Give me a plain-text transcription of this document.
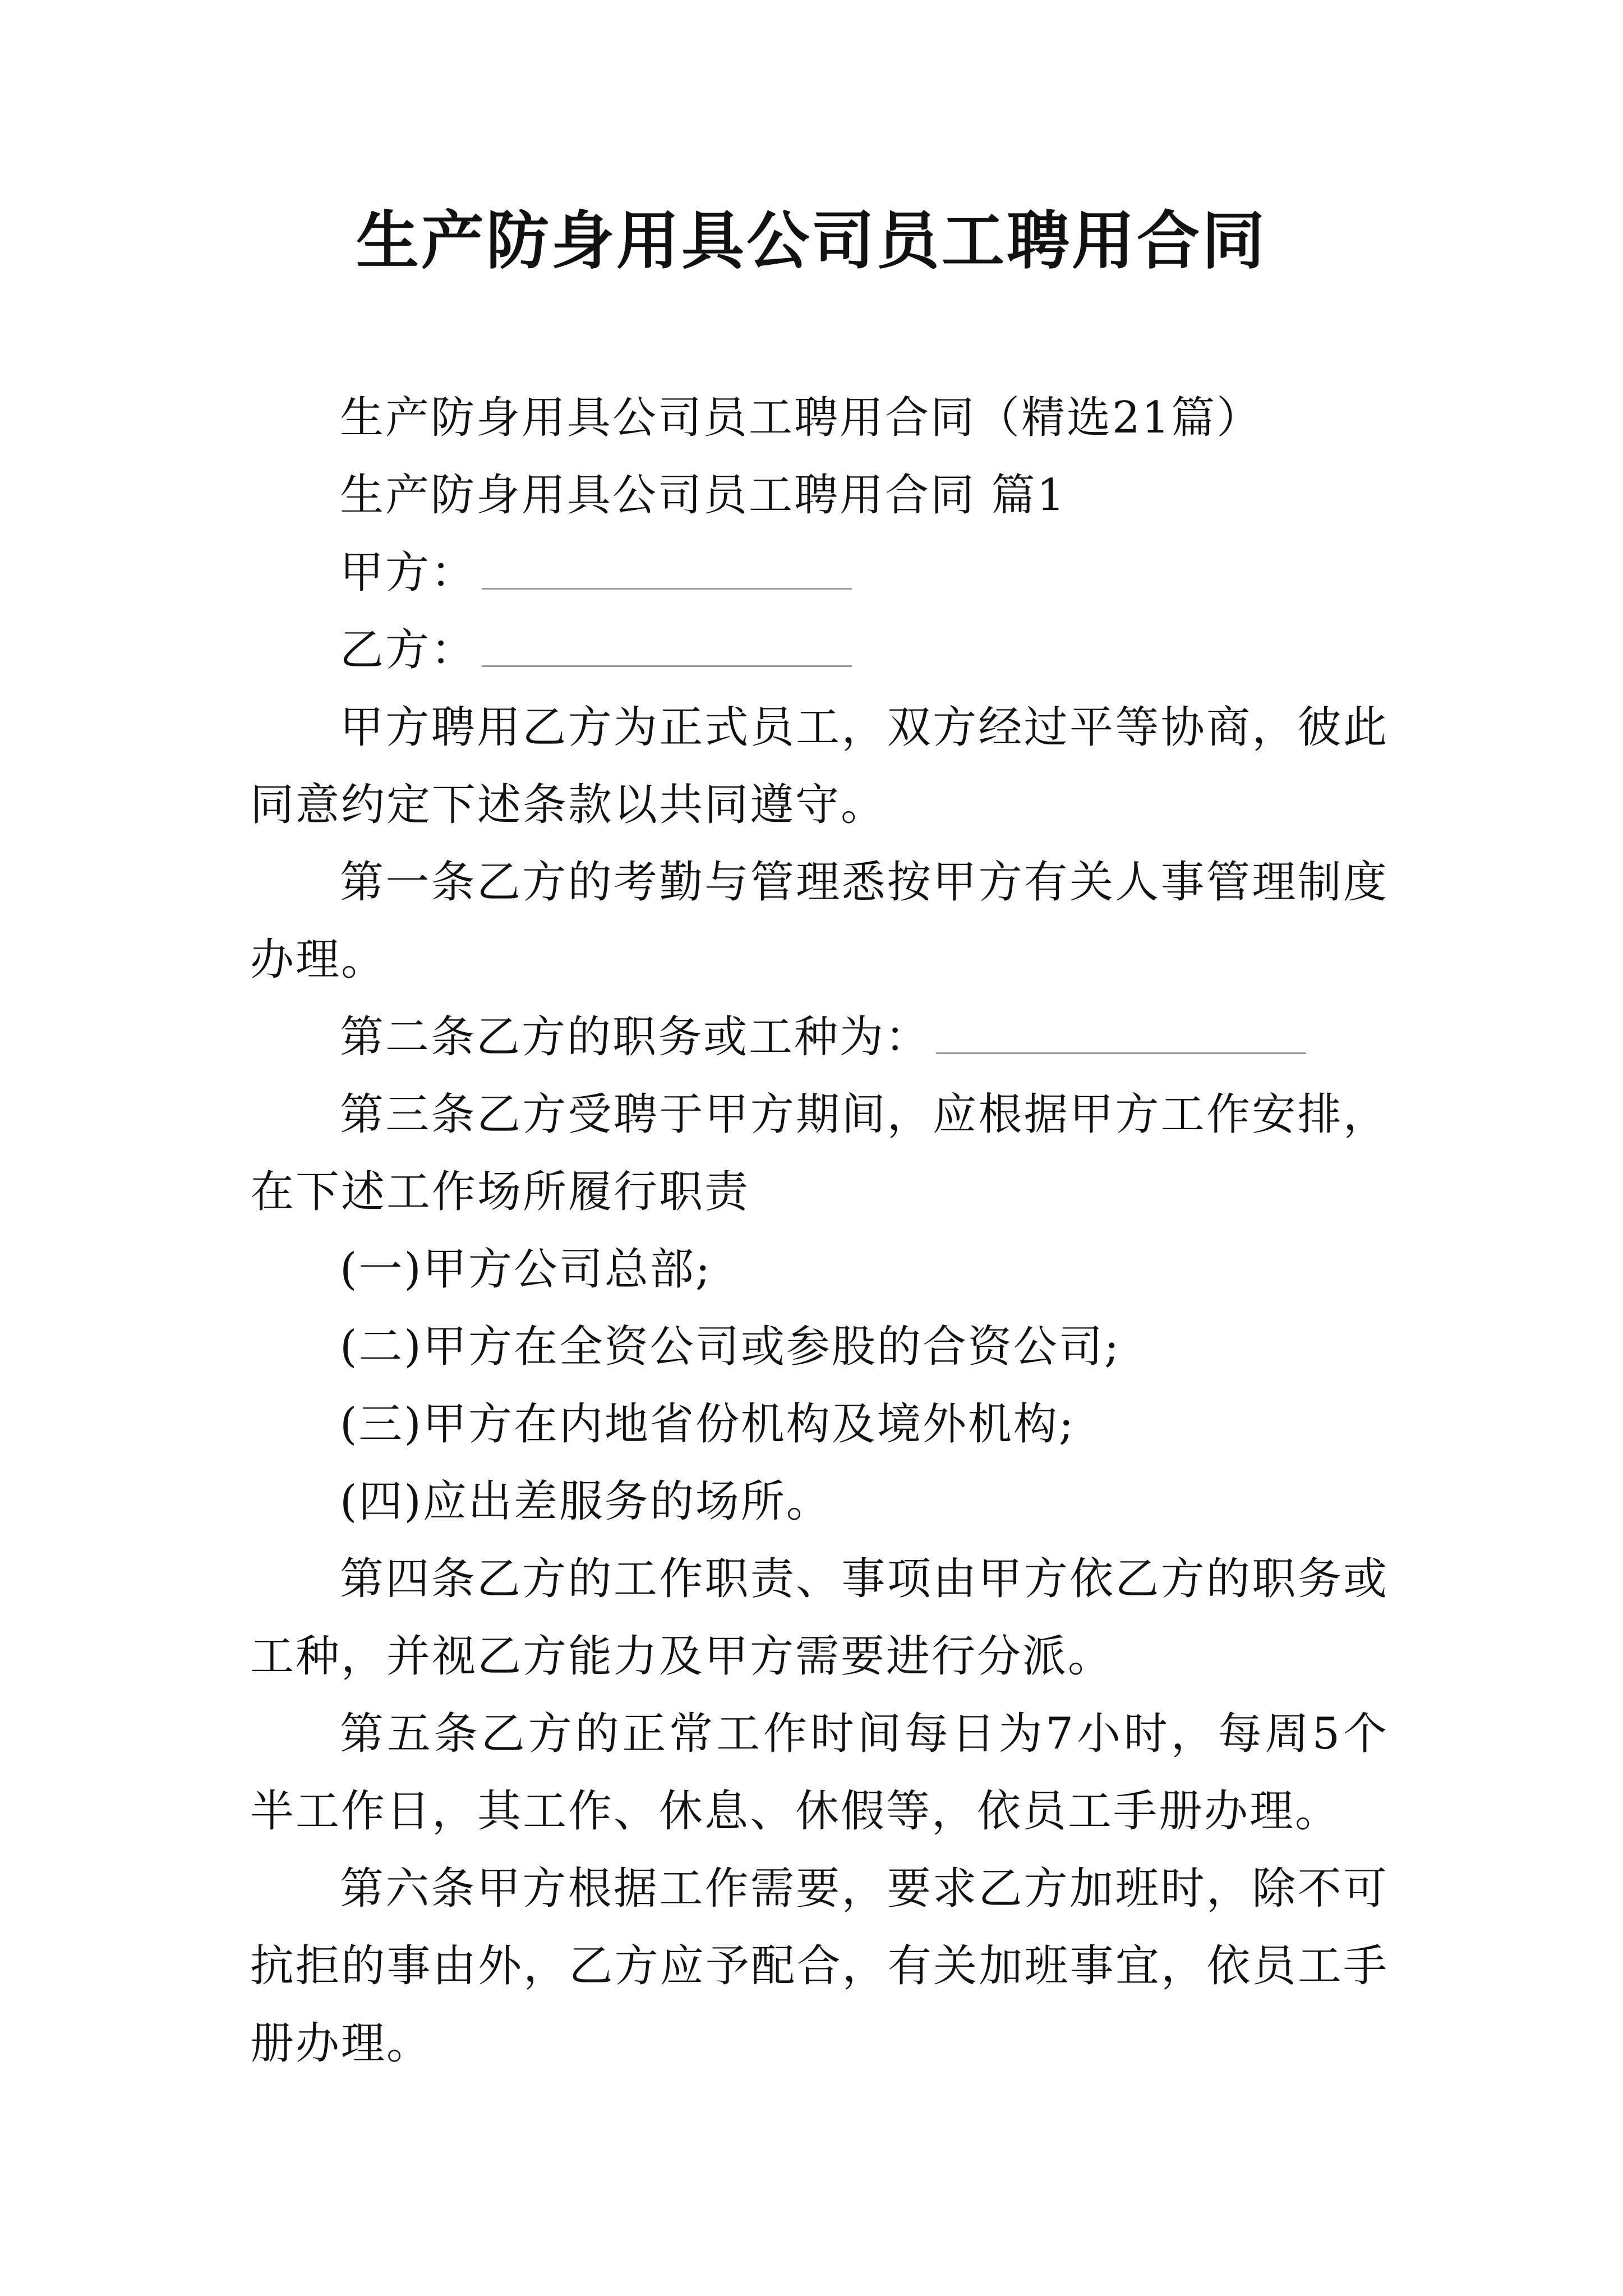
生产防身用具公司员工聘用合同

生产防身用具公司员工聘用合同（精选21篇）

生产防身用具公司员工聘用合同 篇1

甲方：

乙方：

甲方聘用乙方为正式员工，双方经过平等协商，彼此同意约定下述条款以共同遵守。

第一条乙方的考勤与管理悉按甲方有关人事管理制度办理。

第二条乙方的职务或工种为：

第三条乙方受聘于甲方期间，应根据甲方工作安排，在下述工作场所履行职责

(一)甲方公司总部;

(二)甲方在全资公司或参股的合资公司;

(三)甲方在内地省份机构及境外机构;

(四)应出差服务的场所。

第四条乙方的工作职责、事项由甲方依乙方的职务或工种，并视乙方能力及甲方需要进行分派。

第五条乙方的正常工作时间每日为7小时，每周5个半工作日，其工作、休息、休假等，依员工手册办理。

第六条甲方根据工作需要，要求乙方加班时，除不可抗拒的事由外，乙方应予配合，有关加班事宜，依员工手册办理。
